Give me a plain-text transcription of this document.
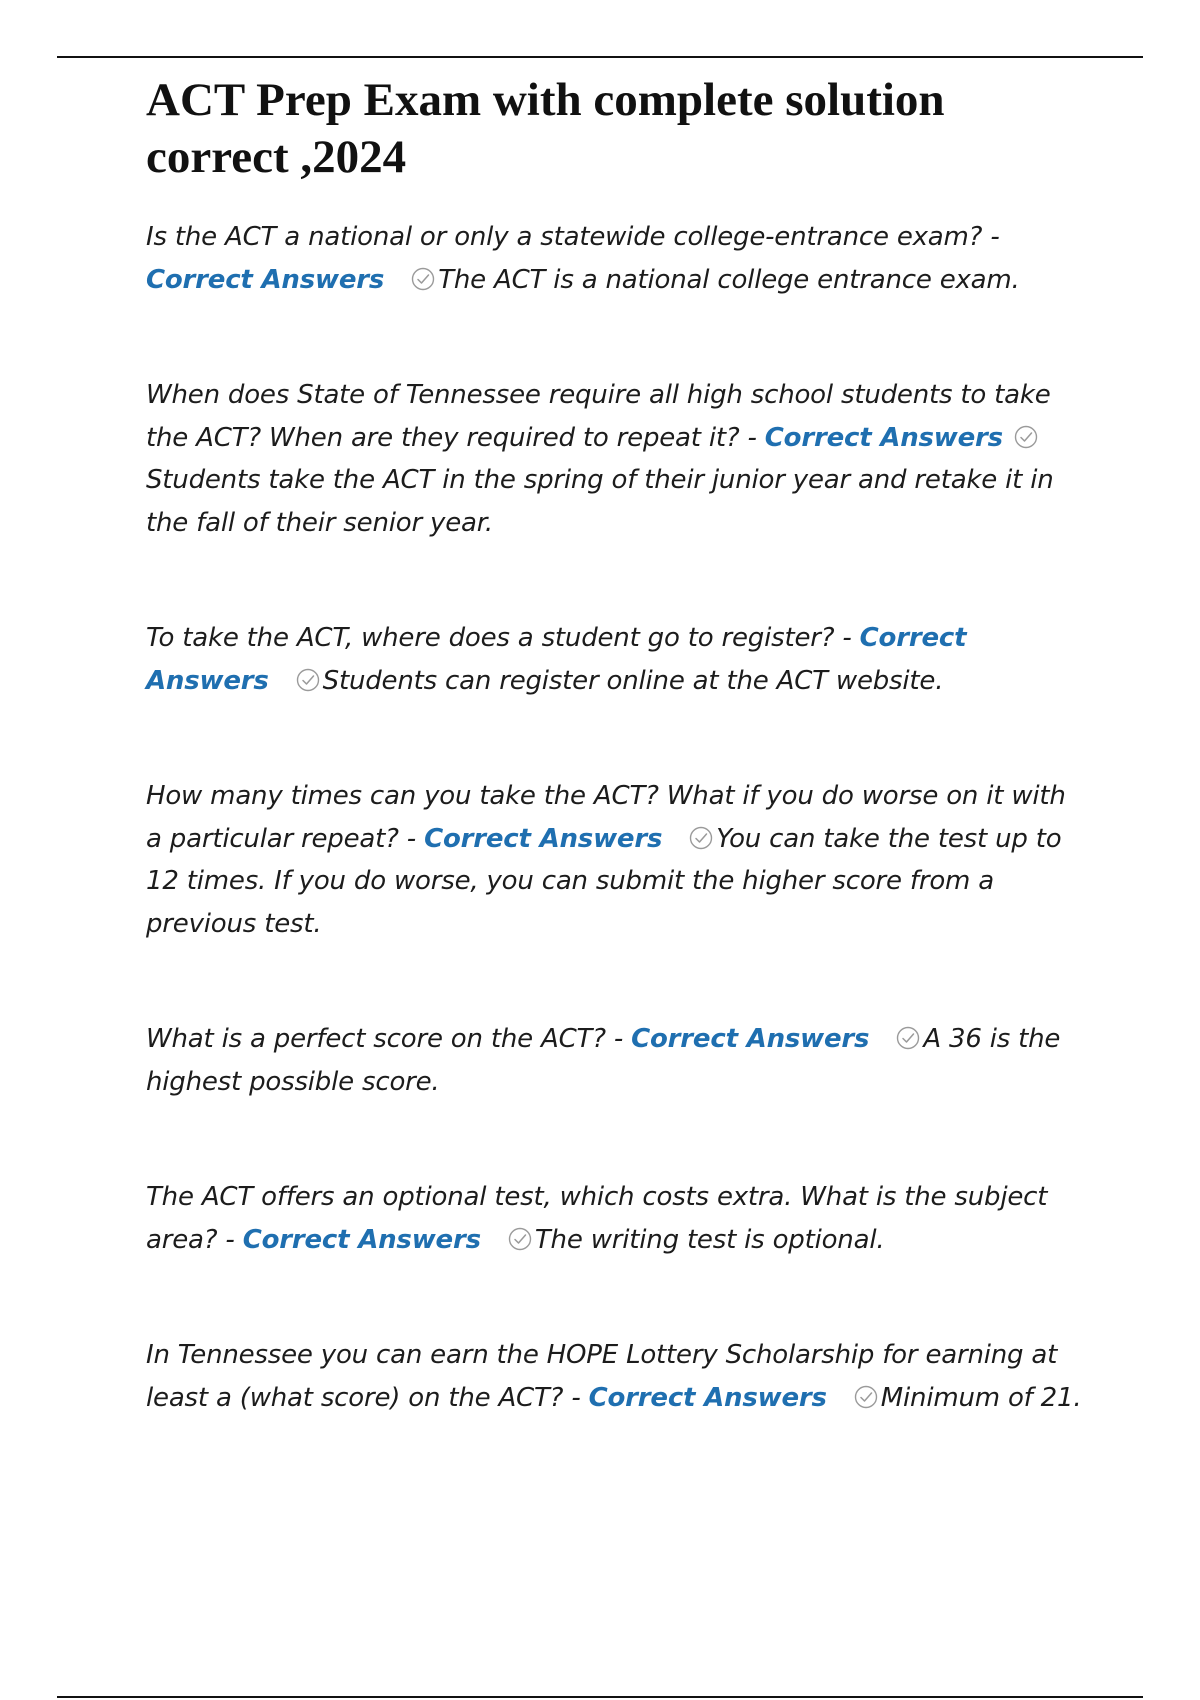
ACT Prep Exam with complete solution correct ,2024

Is the ACT a national or only a statewide college-entrance exam? - Correct Answers The ACT is a national college entrance exam.

When does State of Tennessee require all high school students to take the ACT? When are they required to repeat it? - Correct Answers
Students take the ACT in the spring of their junior year and retake it in the fall of their senior year.

To take the ACT, where does a student go to register? - Correct Answers Students can register online at the ACT website.

How many times can you take the ACT? What if you do worse on it with a particular repeat? - Correct Answers You can take the test up to 12 times. If you do worse, you can submit the higher score from a previous test.

What is a perfect score on the ACT? - Correct Answers A 36 is the highest possible score.

The ACT offers an optional test, which costs extra. What is the subject area? - Correct Answers The writing test is optional.

In Tennessee you can earn the HOPE Lottery Scholarship for earning at least a (what score) on the ACT? - Correct Answers Minimum of 21.
